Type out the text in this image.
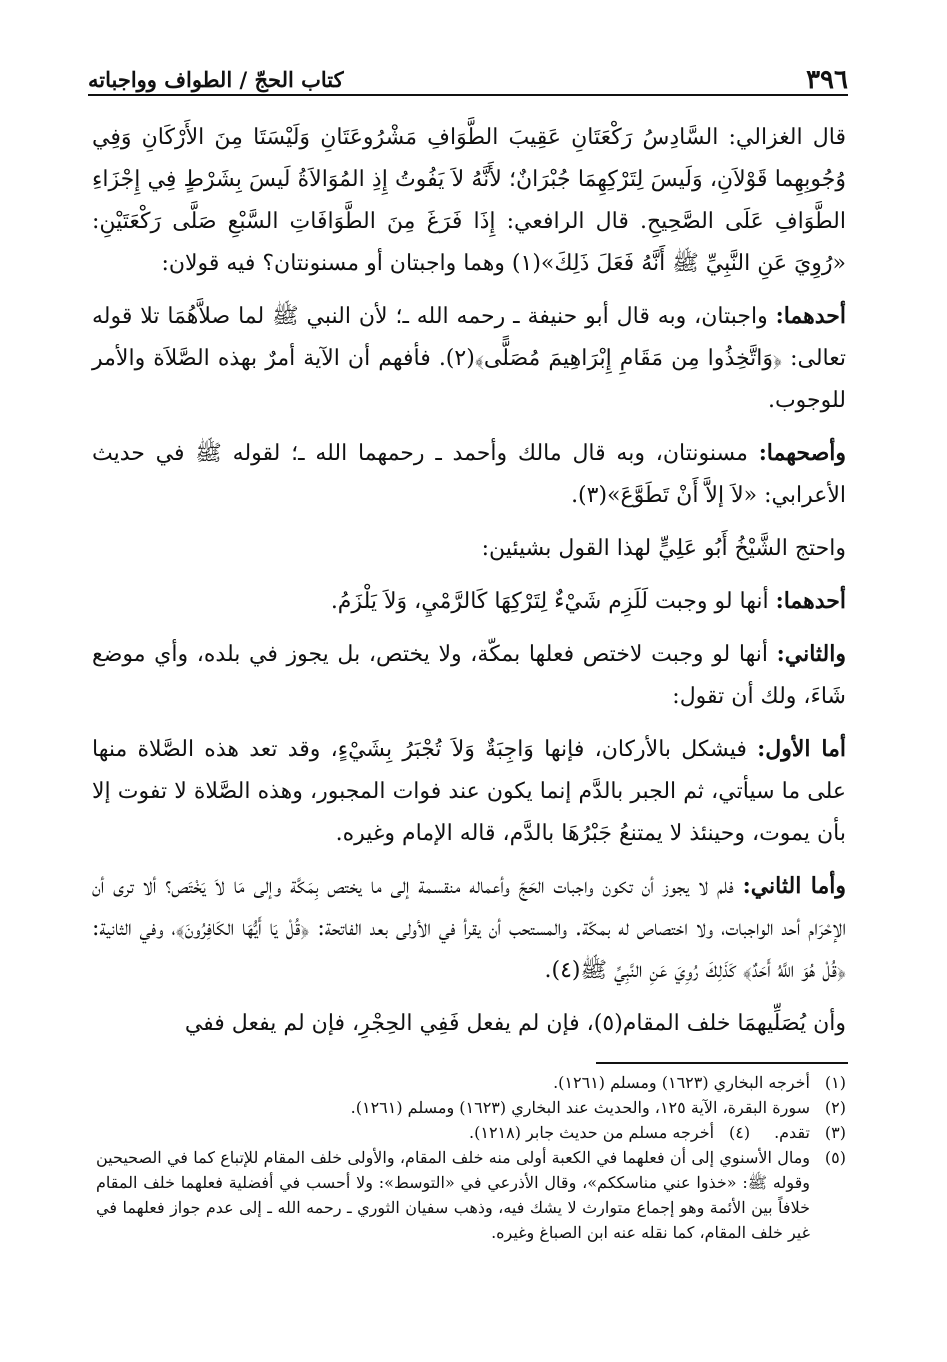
٣٩٦
كتاب الحجّ / الطواف وواجباته

قال الغزالي: السَّادِسُ رَكْعَتَانِ عَقِيبَ الطَّوَافِ مَشْرُوعَتَانِ وَلَيْسَتَا مِنَ الأَرْكَانِ وَفِي وُجُوبِهِما قَوْلاَنِ، وَلَيسَ لِتَرْكِهِمَا جُبْرَانٌ؛ لأَنَّهُ لاَ يَفُوتُ إِذِ المُوَالاَةُ لَيسَ بِشَرْطٍ فِي إِجْزَاءِ الطَّوَافِ عَلَى الصَّحِيحِ. قال الرافعي: إِذَا فَرَغَ مِنَ الطَّوَافَاتِ السَّبْعِ صَلَّى رَكْعَتَيْنِ: «رُوِيَ عَنِ النَّبِيِّ ﷺ أَنَّهُ فَعَلَ ذَلِكَ»(١) وهما واجبتان أو مسنونتان؟ فيه قولان:

أحدهما: واجبتان، وبه قال أبو حنيفة ـ رحمه الله ـ؛ لأن النبي ﷺ لما صلاَّهُمَا تلا قوله تعالى: ﴿وَاتَّخِذُوا مِن مَقَامِ إِبْرَاهِيمَ مُصَلًّى﴾(٢). فأفهم أن الآية أمرٌ بهذه الصَّلاَة والأمر للوجوب.

وأصحهما: مسنونتان، وبه قال مالك وأحمد ـ رحمهما الله ـ؛ لقوله ﷺ في حديث الأعرابي: «لاَ إلاَّ أَنْ تَطَوَّعَ»(٣).

واحتج الشَّيْخُ أَبُو عَلِيٍّ لهذا القول بشيئين:

أحدهما: أنها لو وجبت لَلَزِم شَيْءٌ لِتَرْكِهَا كَالرَّمْيِ، وَلاَ يَلْزَمُ.

والثاني: أنها لو وجبت لاختص فعلها بمكّة، ولا يختص، بل يجوز في بلده، وأي موضع شَاءَ، ولك أن تقول:

أما الأول: فيشكل بالأركان، فإنها وَاجِبَةٌ وَلاَ تُجْبَرُ بِشَيْءٍ، وقد تعد هذه الصَّلاة منها على ما سيأتي، ثم الجبر بالدَّم إنما يكون عند فوات المجبور، وهذه الصَّلاة لا تفوت إلا بأن يموت، وحينئذ لا يمتنعُ جَبْرُهَا بالدَّم، قاله الإمام وغيره.

وأما الثاني: فلم لا يجوز أن تكون واجبات الحَجّ وأعماله منقسمة إلى ما يختص بِمَكَّة وإلى مَا لاَ يَخْتَص؟ ألا ترى أن الإحْرَام أحد الواجبات، ولا اختصاص له بمكّة. والمستحب أن يقرأ في الأولى بعد الفاتحة: ﴿قُلْ يَا أَيُّهَا الكَافِرُونَ﴾، وفي الثانية: ﴿قُلْ هُوَ اللَّهُ أَحَدٌ﴾ كَذَلِكَ رُوِيَ عَنِ النَّبِيِّ ﷺ(٤).

وأن يُصَلِّيهمَا خلف المقام(٥)، فإن لم يفعل فَفِي الحِجْرِ، فإن لم يفعل ففي

(١)
أخرجه البخاري (١٦٢٣) ومسلم (١٢٦١).
(٢)
سورة البقرة، الآية ١٢٥، والحديث عند البخاري (١٦٢٣) ومسلم (١٢٦١).
(٣)
تقدم.
(٤)
أخرجه مسلم من حديث جابر (١٢١٨).
(٥)
ومال الأسنوي إلى أن فعلهما في الكعبة أولى منه خلف المقام، والأولى خلف المقام للإتباع كما في الصحيحين وقوله ﷺ: «خذوا عني مناسككم»، وقال الأذرعي في «التوسط»: ولا أحسب في أفضلية فعلهما خلف المقام خلافاً بين الأئمة وهو إجماع متوارث لا يشك فيه، وذهب سفيان الثوري ـ رحمه الله ـ إلى عدم جواز فعلهما في غير خلف المقام، كما نقله عنه ابن الصباغ وغيره.
